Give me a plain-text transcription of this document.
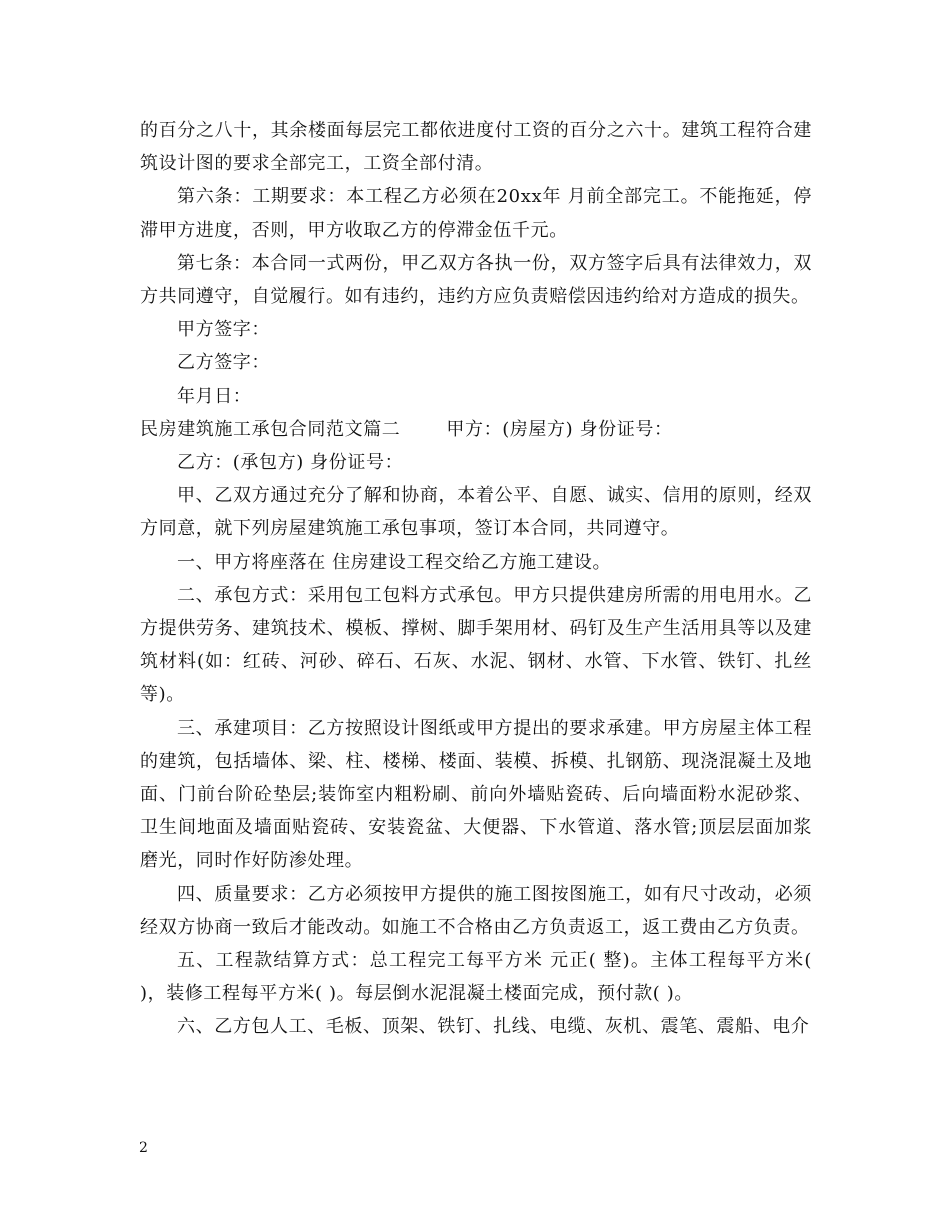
的百分之八十，其余楼面每层完工都依进度付工资的百分之六十。建筑工程符合建筑设计图的要求全部完工，工资全部付清。

第六条：工期要求：本工程乙方必须在20xx年 月前全部完工。不能拖延，停滞甲方进度，否则，甲方收取乙方的停滞金伍千元。

第七条：本合同一式两份，甲乙双方各执一份，双方签字后具有法律效力，双方共同遵守，自觉履行。如有违约，违约方应负责赔偿因违约给对方造成的损失。

甲方签字：

乙方签字：

年月日：

民房建筑施工承包合同范文篇二	甲方：(房屋方) 身份证号：

乙方：(承包方) 身份证号：

甲、乙双方通过充分了解和协商，本着公平、自愿、诚实、信用的原则，经双方同意，就下列房屋建筑施工承包事项，签订本合同，共同遵守。

一、甲方将座落在 住房建设工程交给乙方施工建设。

二、承包方式：采用包工包料方式承包。甲方只提供建房所需的用电用水。乙方提供劳务、建筑技术、模板、撑树、脚手架用材、码钉及生产生活用具等以及建筑材料(如：红砖、河砂、碎石、石灰、水泥、钢材、水管、下水管、铁钉、扎丝等)。

三、承建项目：乙方按照设计图纸或甲方提出的要求承建。甲方房屋主体工程的建筑，包括墙体、梁、柱、楼梯、楼面、装模、拆模、扎钢筋、现浇混凝土及地面、门前台阶砼垫层;装饰室内粗粉刷、前向外墙贴瓷砖、后向墙面粉水泥砂浆、卫生间地面及墙面贴瓷砖、安装瓷盆、大便器、下水管道、落水管;顶层层面加浆磨光，同时作好防渗处理。

四、质量要求：乙方必须按甲方提供的施工图按图施工，如有尺寸改动，必须经双方协商一致后才能改动。如施工不合格由乙方负责返工，返工费由乙方负责。

五、工程款结算方式：总工程完工每平方米 元正( 整)。主体工程每平方米( )，装修工程每平方米( )。每层倒水泥混凝土楼面完成，预付款( )。

六、乙方包人工、毛板、顶架、铁钉、扎线、电缆、灰机、震笔、震船、电介

2
